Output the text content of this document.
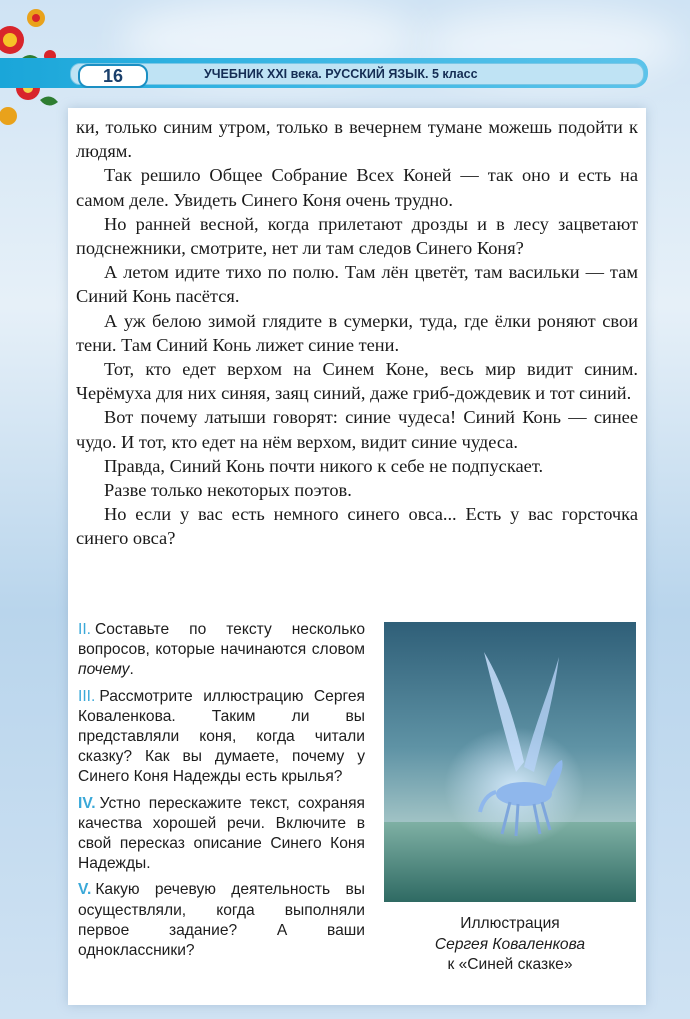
16	УЧЕБНИК XXI века. РУССКИЙ ЯЗЫК. 5 класс

ки, только синим утром, только в вечернем тумане можешь подойти к людям.

Так решило Общее Собрание Всех Коней — так оно и есть на самом деле. Увидеть Синего Коня очень трудно.

Но ранней весной, когда прилетают дрозды и в лесу зацветают подснежники, смотрите, нет ли там следов Синего Коня?

А летом идите тихо по полю. Там лён цветёт, там васильки — там Синий Конь пасётся.

А уж белою зимой глядите в сумерки, туда, где ёлки роняют свои тени. Там Синий Конь лижет синие тени.

Тот, кто едет верхом на Синем Коне, весь мир видит синим. Черёмуха для них синяя, заяц синий, даже гриб-дождевик и тот синий.

Вот почему латыши говорят: синие чудеса! Синий Конь — синее чудо. И тот, кто едет на нём верхом, видит синие чудеса.

Правда, Синий Конь почти никого к себе не подпускает.

Разве только некоторых поэтов.

Но если у вас есть немного синего овса... Есть у вас горсточка синего овса?

II. Составьте по тексту несколько вопросов, которые начинаются словом почему.

III. Рассмотрите иллюстрацию Сергея Коваленкова. Таким ли вы представляли коня, когда читали сказку? Как вы думаете, почему у Синего Коня Надежды есть крылья?

IV. Устно перескажите текст, сохраняя качества хорошей речи. Включите в свой пересказ описание Синего Коня Надежды.

V. Какую речевую деятельность вы осуществляли, когда выполняли первое задание? А ваши одноклассники?

Иллюстрация
Сергея Коваленкова
к «Синей сказке»
